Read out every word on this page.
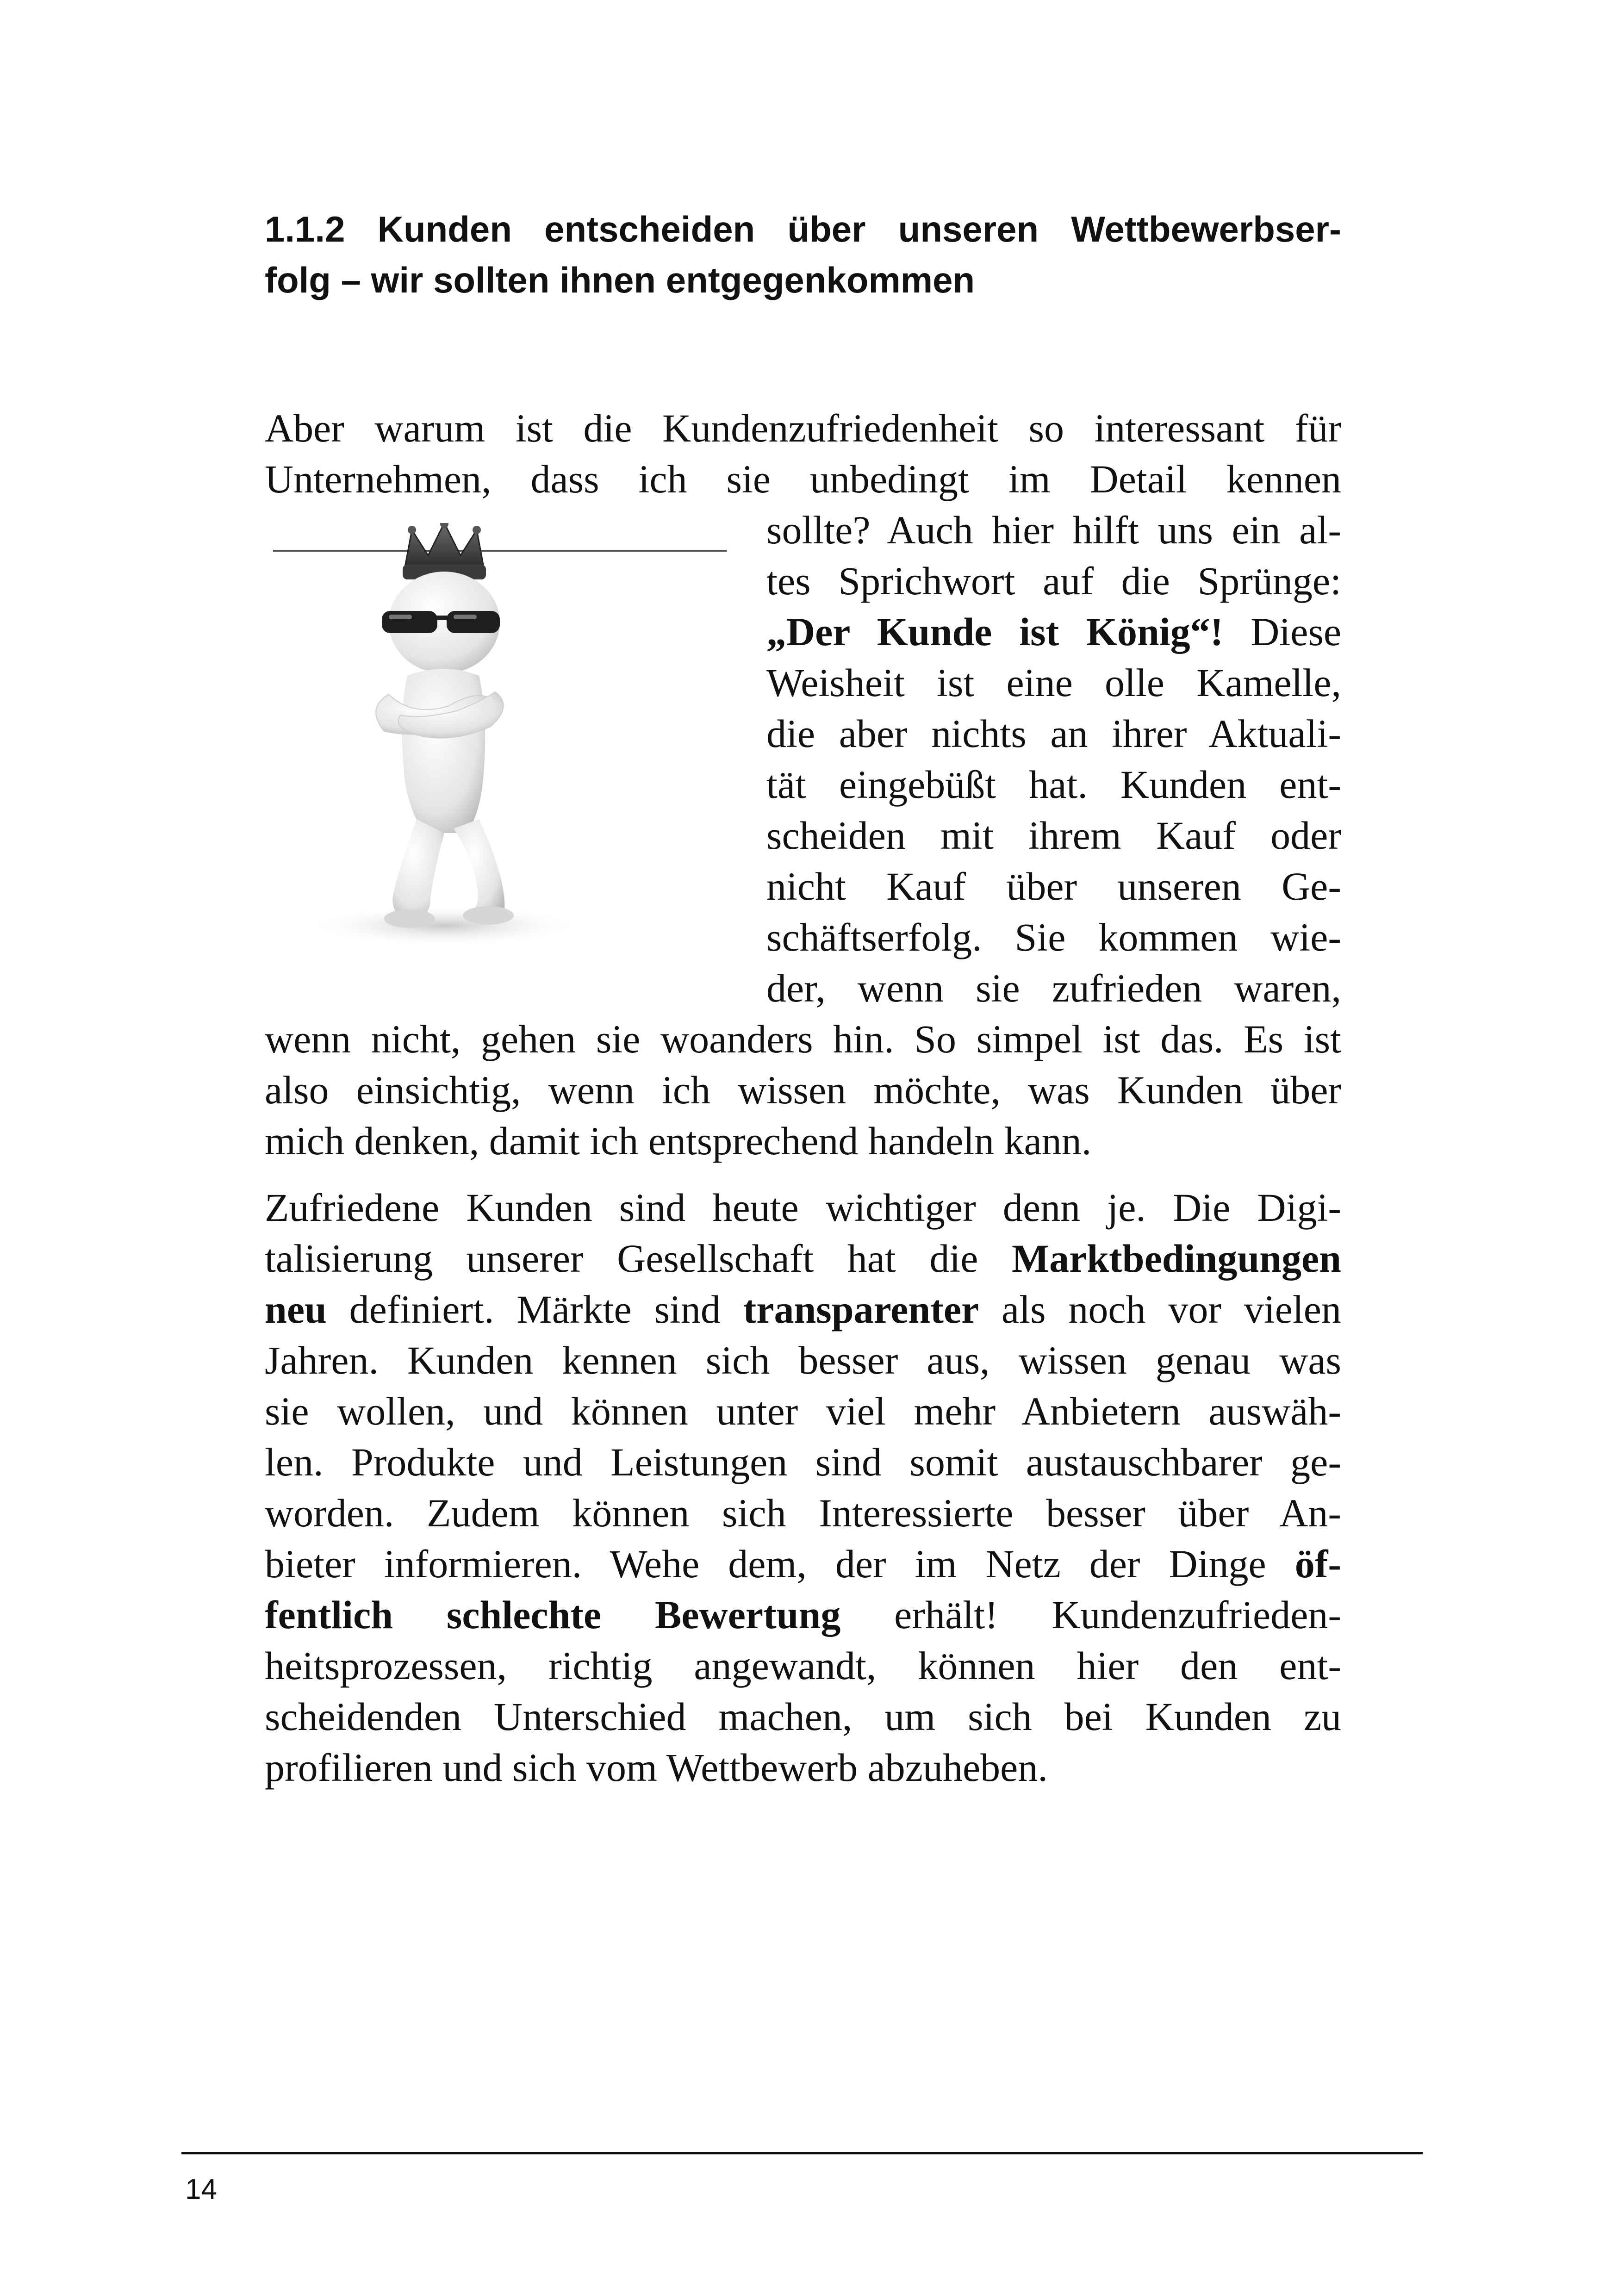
1.1.2 Kunden entscheiden über unseren Wettbewerbser-
folg – wir sollten ihnen entgegenkommen
Aber warum ist die Kundenzufriedenheit so interessant für
Unternehmen, dass ich sie unbedingt im Detail kennen
sollte? Auch hier hilft uns ein al-
tes Sprichwort auf die Sprünge:
„Der Kunde ist König“! Diese
Weisheit ist eine olle Kamelle,
die aber nichts an ihrer Aktuali-
tät eingebüßt hat. Kunden ent-
scheiden mit ihrem Kauf oder
nicht Kauf über unseren Ge-
schäftserfolg. Sie kommen wie-
der, wenn sie zufrieden waren,
wenn nicht, gehen sie woanders hin. So simpel ist das. Es ist
also einsichtig, wenn ich wissen möchte, was Kunden über
mich denken, damit ich entsprechend handeln kann.
Zufriedene Kunden sind heute wichtiger denn je. Die Digi-
talisierung unserer Gesellschaft hat die Marktbedingungen
neu definiert. Märkte sind transparenter als noch vor vielen
Jahren. Kunden kennen sich besser aus, wissen genau was
sie wollen, und können unter viel mehr Anbietern auswäh-
len. Produkte und Leistungen sind somit austauschbarer ge-
worden. Zudem können sich Interessierte besser über An-
bieter informieren. Wehe dem, der im Netz der Dinge öf-
fentlich schlechte Bewertung erhält! Kundenzufrieden-
heitsprozessen, richtig angewandt, können hier den ent-
scheidenden Unterschied machen, um sich bei Kunden zu
profilieren und sich vom Wettbewerb abzuheben.
14
